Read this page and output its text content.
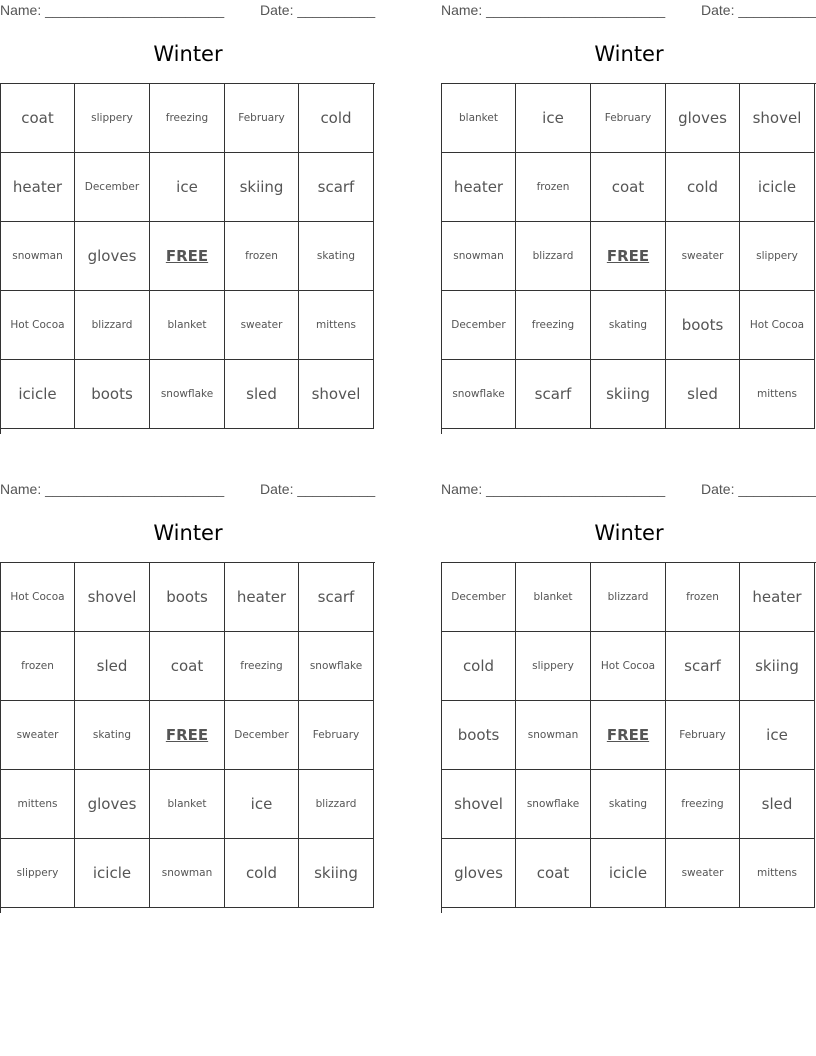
Name: _______________________	Date: __________
Winter
coat	slippery	freezing	February	cold
heater	December	ice	skiing	scarf
snowman	gloves	FREE	frozen	skating
Hot Cocoa	blizzard	blanket	sweater	mittens
icicle	boots	snowflake	sled	shovel
Name: _______________________	Date: __________
Winter
blanket	ice	February	gloves	shovel
heater	frozen	coat	cold	icicle
snowman	blizzard	FREE	sweater	slippery
December	freezing	skating	boots	Hot Cocoa
snowflake	scarf	skiing	sled	mittens
Name: _______________________	Date: __________
Winter
Hot Cocoa	shovel	boots	heater	scarf
frozen	sled	coat	freezing	snowflake
sweater	skating	FREE	December	February
mittens	gloves	blanket	ice	blizzard
slippery	icicle	snowman	cold	skiing
Name: _______________________	Date: __________
Winter
December	blanket	blizzard	frozen	heater
cold	slippery	Hot Cocoa	scarf	skiing
boots	snowman	FREE	February	ice
shovel	snowflake	skating	freezing	sled
gloves	coat	icicle	sweater	mittens
